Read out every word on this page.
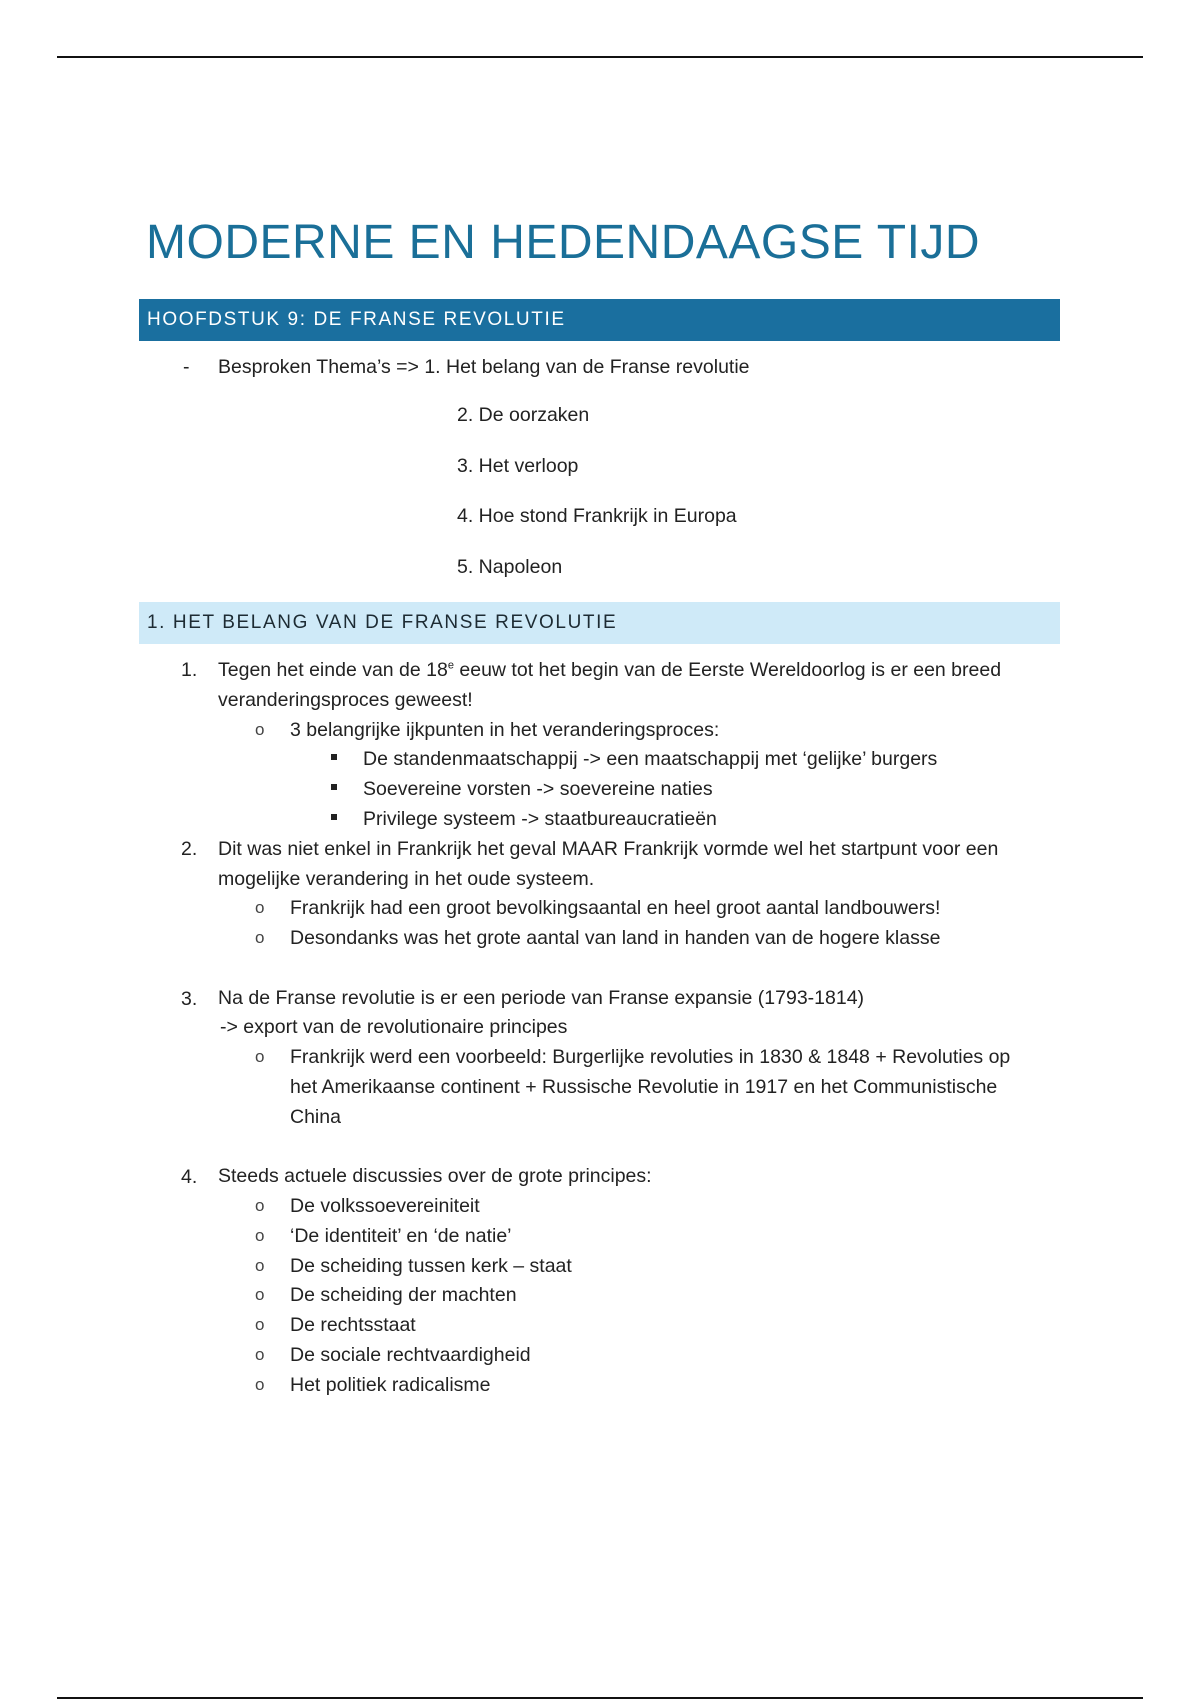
MODERNE EN HEDENDAAGSE TIJD
HOOFDSTUK 9: DE FRANSE REVOLUTIE
- Besproken Thema’s => 1. Het belang van de Franse revolutie
2. De oorzaken
3. Het verloop
4. Hoe stond Frankrijk in Europa
5. Napoleon
1. HET BELANG VAN DE FRANSE REVOLUTIE
1. Tegen het einde van de 18e eeuw tot het begin van de Eerste Wereldoorlog is er een breed
veranderingsproces geweest!
o 3 belangrijke ijkpunten in het veranderingsproces:
De standenmaatschappij -> een maatschappij met ‘gelijke’ burgers
Soevereine vorsten -> soevereine naties
Privilege systeem -> staatbureaucratieën
2. Dit was niet enkel in Frankrijk het geval MAAR Frankrijk vormde wel het startpunt voor een
mogelijke verandering in het oude systeem.
o Frankrijk had een groot bevolkingsaantal en heel groot aantal landbouwers!
o Desondanks was het grote aantal van land in handen van de hogere klasse
3. Na de Franse revolutie is er een periode van Franse expansie (1793-1814)
-> export van de revolutionaire principes
o Frankrijk werd een voorbeeld: Burgerlijke revoluties in 1830 & 1848 + Revoluties op
het Amerikaanse continent + Russische Revolutie in 1917 en het Communistische
China
4. Steeds actuele discussies over de grote principes:
o De volkssoevereiniteit
o ‘De identiteit’ en ‘de natie’
o De scheiding tussen kerk – staat
o De scheiding der machten
o De rechtsstaat
o De sociale rechtvaardigheid
o Het politiek radicalisme
